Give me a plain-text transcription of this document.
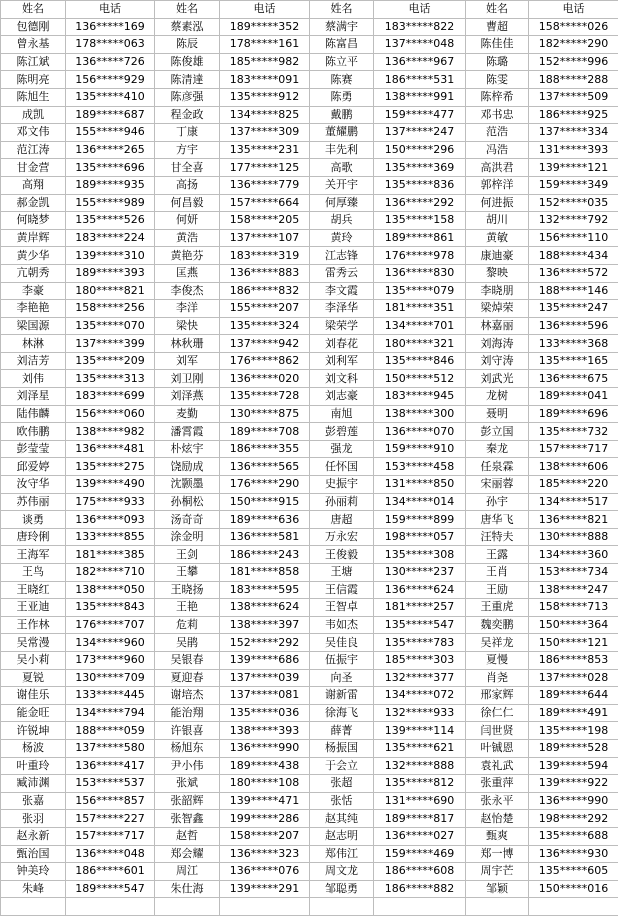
姓名	电话	姓名	电话	姓名	电话	姓名	电话
包德刚	136*****169	蔡素泓	189*****352	蔡满宇	183*****822	曹超	158*****026
曾永基	178*****063	陈辰	178*****161	陈富昌	137*****048	陈佳佳	182*****290
陈江斌	136*****726	陈俊雄	185*****982	陈立平	136*****967	陈璐	152*****996
陈明亮	156*****929	陈清達	183*****091	陈赛	186*****531	陈雯	188*****288
陈旭生	135*****410	陈彦强	135*****912	陈勇	138*****991	陈梓希	137*****509
成凯	189*****687	程金政	134*****825	戴鹏	159*****477	邓书忠	186*****925
邓文伟	155*****946	丁康	137*****309	董耀鹏	137*****247	范浩	137*****334
范江涛	136*****265	方宇	135*****231	丰先利	150*****296	冯浩	131*****393
甘金营	135*****696	甘全喜	177*****125	高歌	135*****369	高洪君	139*****121
高翔	189*****935	高扬	136*****779	关开宇	135*****836	郭梓洋	159*****349
郝金凯	155*****989	何昌毅	157*****664	何厚臻	136*****292	何进振	152*****035
何晓梦	135*****526	何妍	158*****205	胡兵	135*****158	胡川	132*****792
黄岸辉	183*****224	黄浩	137*****107	黄玲	189*****861	黄敏	156*****110
黄少华	139*****310	黄艳芬	183*****319	江志锋	176*****978	康迪豪	188*****434
亢朝秀	189*****393	匡燕	136*****883	雷秀云	136*****830	黎映	136*****572
李豪	180*****821	李俊杰	186*****832	李文霞	135*****079	李晓朋	188*****146
李艳艳	158*****256	李洋	155*****207	李泽华	181*****351	梁焯荣	135*****247
梁国源	135*****070	梁快	135*****324	梁荣学	134*****701	林嘉丽	136*****596
林淋	137*****399	林秋珊	137*****942	刘春花	180*****321	刘海涛	133*****368
刘洁芳	135*****209	刘军	176*****862	刘利军	135*****846	刘守涛	135*****165
刘伟	135*****313	刘卫刚	136*****020	刘文科	150*****512	刘武光	136*****675
刘泽星	183*****699	刘泽燕	135*****728	刘志豪	183*****945	龙树	189*****041
陆伟麟	156*****060	麦勤	130*****875	南旭	138*****300	聂明	189*****696
欧伟鹏	138*****982	潘霄霞	189*****708	彭碧莲	136*****070	彭立国	135*****732
彭莹莹	136*****481	朴炫宇	186*****355	强龙	159*****910	秦龙	157*****717
邱爱婷	135*****275	饶励成	136*****565	任怀国	153*****458	任泉霖	138*****606
汝守华	139*****490	沈颢墨	176*****290	史振宇	131*****850	宋丽蓉	185*****220
苏伟丽	175*****933	孙桐松	150*****915	孙丽莉	134*****014	孙宇	134*****517
谈勇	136*****093	汤奇奇	189*****636	唐超	159*****899	唐华飞	136*****821
唐玲俐	133*****855	涂金明	136*****581	万永宏	198*****057	汪特夫	130*****888
王海军	181*****385	王剑	186*****243	王俊毅	135*****308	王露	134*****360
王鸟	182*****710	王攀	181*****858	王塘	130*****237	王肖	153*****734
王晓红	138*****050	王晓扬	183*****595	王信霞	136*****624	王励	138*****247
王亚迪	135*****843	王艳	138*****624	王智卓	181*****257	王重虎	158*****713
王作林	176*****707	危莉	138*****397	韦如杰	135*****547	魏奕鹏	150*****364
吴常漫	134*****960	吴鹃	152*****292	吴佳良	135*****783	吴祥龙	150*****121
吴小莉	173*****960	吴银春	139*****686	伍振宇	185*****303	夏慢	186*****853
夏锐	130*****709	夏迎春	137*****039	向圣	132*****377	肖尧	137*****028
谢佳乐	133*****445	谢培杰	137*****081	谢新雷	134*****072	邢家辉	189*****644
能金旺	134*****794	能治翔	135*****036	徐海飞	132*****933	徐仁仁	189*****491
许锐坤	188*****059	许银喜	138*****393	薛菁	139*****114	闫世贤	135*****198
杨波	137*****580	杨旭东	136*****990	杨振国	135*****621	叶铖恩	189*****528
叶重玲	136*****417	尹小伟	189*****438	于会立	132*****888	袁礼武	139*****594
臧沛渊	153*****537	张斌	180*****108	张超	135*****812	张重萍	139*****922
张嘉	156*****857	张韶辉	139*****471	张恬	131*****690	张永平	136*****990
张羽	157*****227	张智鑫	199*****286	赵其纯	189*****817	赵怡楚	198*****292
赵永新	157*****717	赵哲	158*****207	赵志明	136*****027	甄爽	135*****688
甄治国	136*****048	郑会耀	136*****323	郑伟江	159*****469	郑一博	136*****930
钟美玲	186*****601	周江	136*****076	周文龙	186*****608	周宇芒	135*****605
朱峰	189*****547	朱仕海	139*****291	邹聪勇	186*****882	邹颖	150*****016
